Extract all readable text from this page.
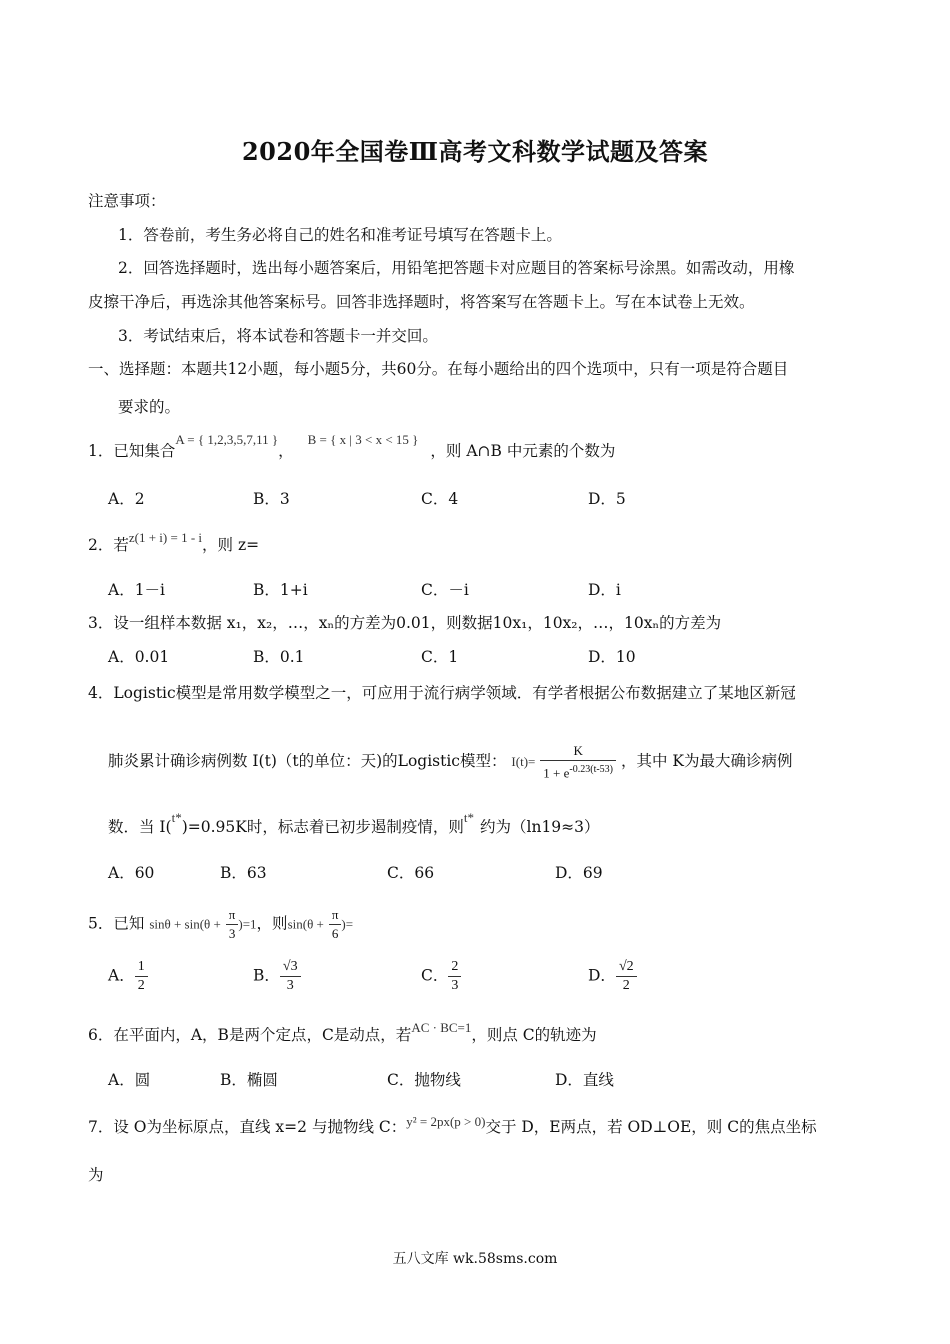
2020年全国卷Ⅲ高考文科数学试题及答案
注意事项：
1．答卷前，考生务必将自己的姓名和准考证号填写在答题卡上。
2．回答选择题时，选出每小题答案后，用铅笔把答题卡对应题目的答案标号涂黑。如需改动，用橡
皮擦干净后，再选涂其他答案标号。回答非选择题时，将答案写在答题卡上。写在本试卷上无效。
3．考试结束后，将本试卷和答题卡一并交回。
一、选择题：本题共12小题，每小题5分，共60分。在每小题给出的四个选项中，只有一项是符合题目
要求的。
1．已知集合$^{A = \{ 1,2,3,5,7,11 \}}$，$^{B = \{ x | 3 < x < 15 \}}$，则 A∩B 中元素的个数为
A．2	B．3	C．4	D．5
2．若$^{z(1 + i) = 1 - i}$，则 z=
A．1－i	B．1+i	C．－i	D．i
3．设一组样本数据 x₁，x₂，…，xₙ的方差为0.01，则数据10x₁，10x₂，…，10xₙ的方差为
A．0.01	B．0.1	C．1	D．10
4．Logistic模型是常用数学模型之一，可应用于流行病学领域．有学者根据公布数据建立了某地区新冠
肺炎累计确诊病例数 I(t)（t的单位：天)的Logistic模型： $I(t)= \frac{K}{1 + e^{-0.23(t-53)}}$ ，其中 K为最大确诊病例
数．当 I($^{t*}$)=0.95K时，标志着已初步遏制疫情，则$^{t*}$约为（ln19≈3）
A．60	B．63	C．66	D．69
5．已知 $\sin\theta + \sin(\theta + \frac{\pi}{3} )=1$，则$\sin(\theta + \frac{\pi}{6}$ )=
A． $\frac{1}{2}$	B． $\frac{√3}{3}$	C． $\frac{2}{3}$	D． $\frac{√2}{2}$
6．在平面内，A，B是两个定点，C是动点，若$^{AC \cdot BC=1}$，则点 C的轨迹为
A．圆	B．椭圆	C．抛物线	D．直线
7．设 O为坐标原点，直线 x=2 与抛物线 C：$^{y^2 = 2px(p > 0)}$交于 D，E两点，若 OD⊥OE，则 C的焦点坐标
为
五八文库 wk.58sms.com
